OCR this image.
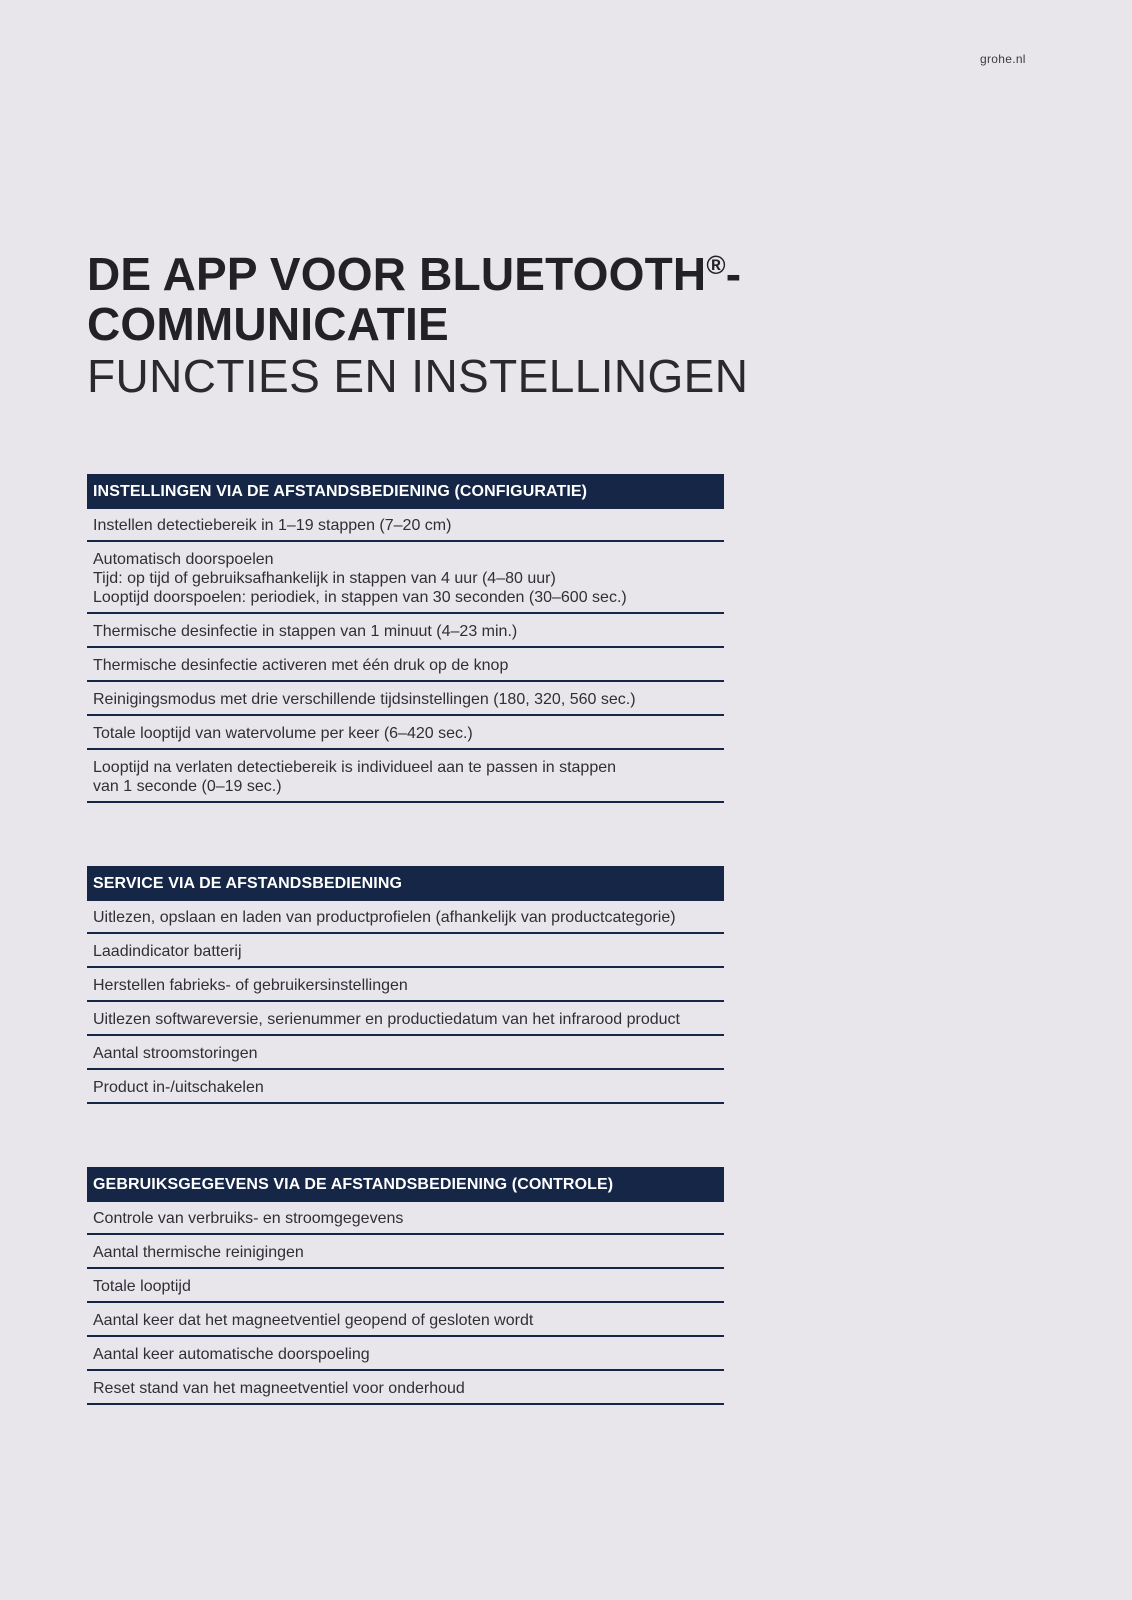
grohe.nl
DE APP VOOR BLUETOOTH®-
COMMUNICATIE
FUNCTIES EN INSTELLINGEN
INSTELLINGEN VIA DE AFSTANDSBEDIENING (CONFIGURATIE)
Instellen detectiebereik in 1–19 stappen (7–20 cm)
Automatisch doorspoelen
Tijd: op tijd of gebruiksafhankelijk in stappen van 4 uur (4–80 uur)
Looptijd doorspoelen: periodiek, in stappen van 30 seconden (30–600 sec.)
Thermische desinfectie in stappen van 1 minuut (4–23 min.)
Thermische desinfectie activeren met één druk op de knop
Reinigingsmodus met drie verschillende tijdsinstellingen (180, 320, 560 sec.)
Totale looptijd van watervolume per keer (6–420 sec.)
Looptijd na verlaten detectiebereik is individueel aan te passen in stappen
van 1 seconde (0–19 sec.)
SERVICE VIA DE AFSTANDSBEDIENING
Uitlezen, opslaan en laden van productprofielen (afhankelijk van productcategorie)
Laadindicator batterij
Herstellen fabrieks- of gebruikersinstellingen
Uitlezen softwareversie, serienummer en productiedatum van het infrarood product
Aantal stroomstoringen
Product in-/uitschakelen
GEBRUIKSGEGEVENS VIA DE AFSTANDSBEDIENING (CONTROLE)
Controle van verbruiks- en stroomgegevens
Aantal thermische reinigingen
Totale looptijd
Aantal keer dat het magneetventiel geopend of gesloten wordt
Aantal keer automatische doorspoeling
Reset stand van het magneetventiel voor onderhoud
